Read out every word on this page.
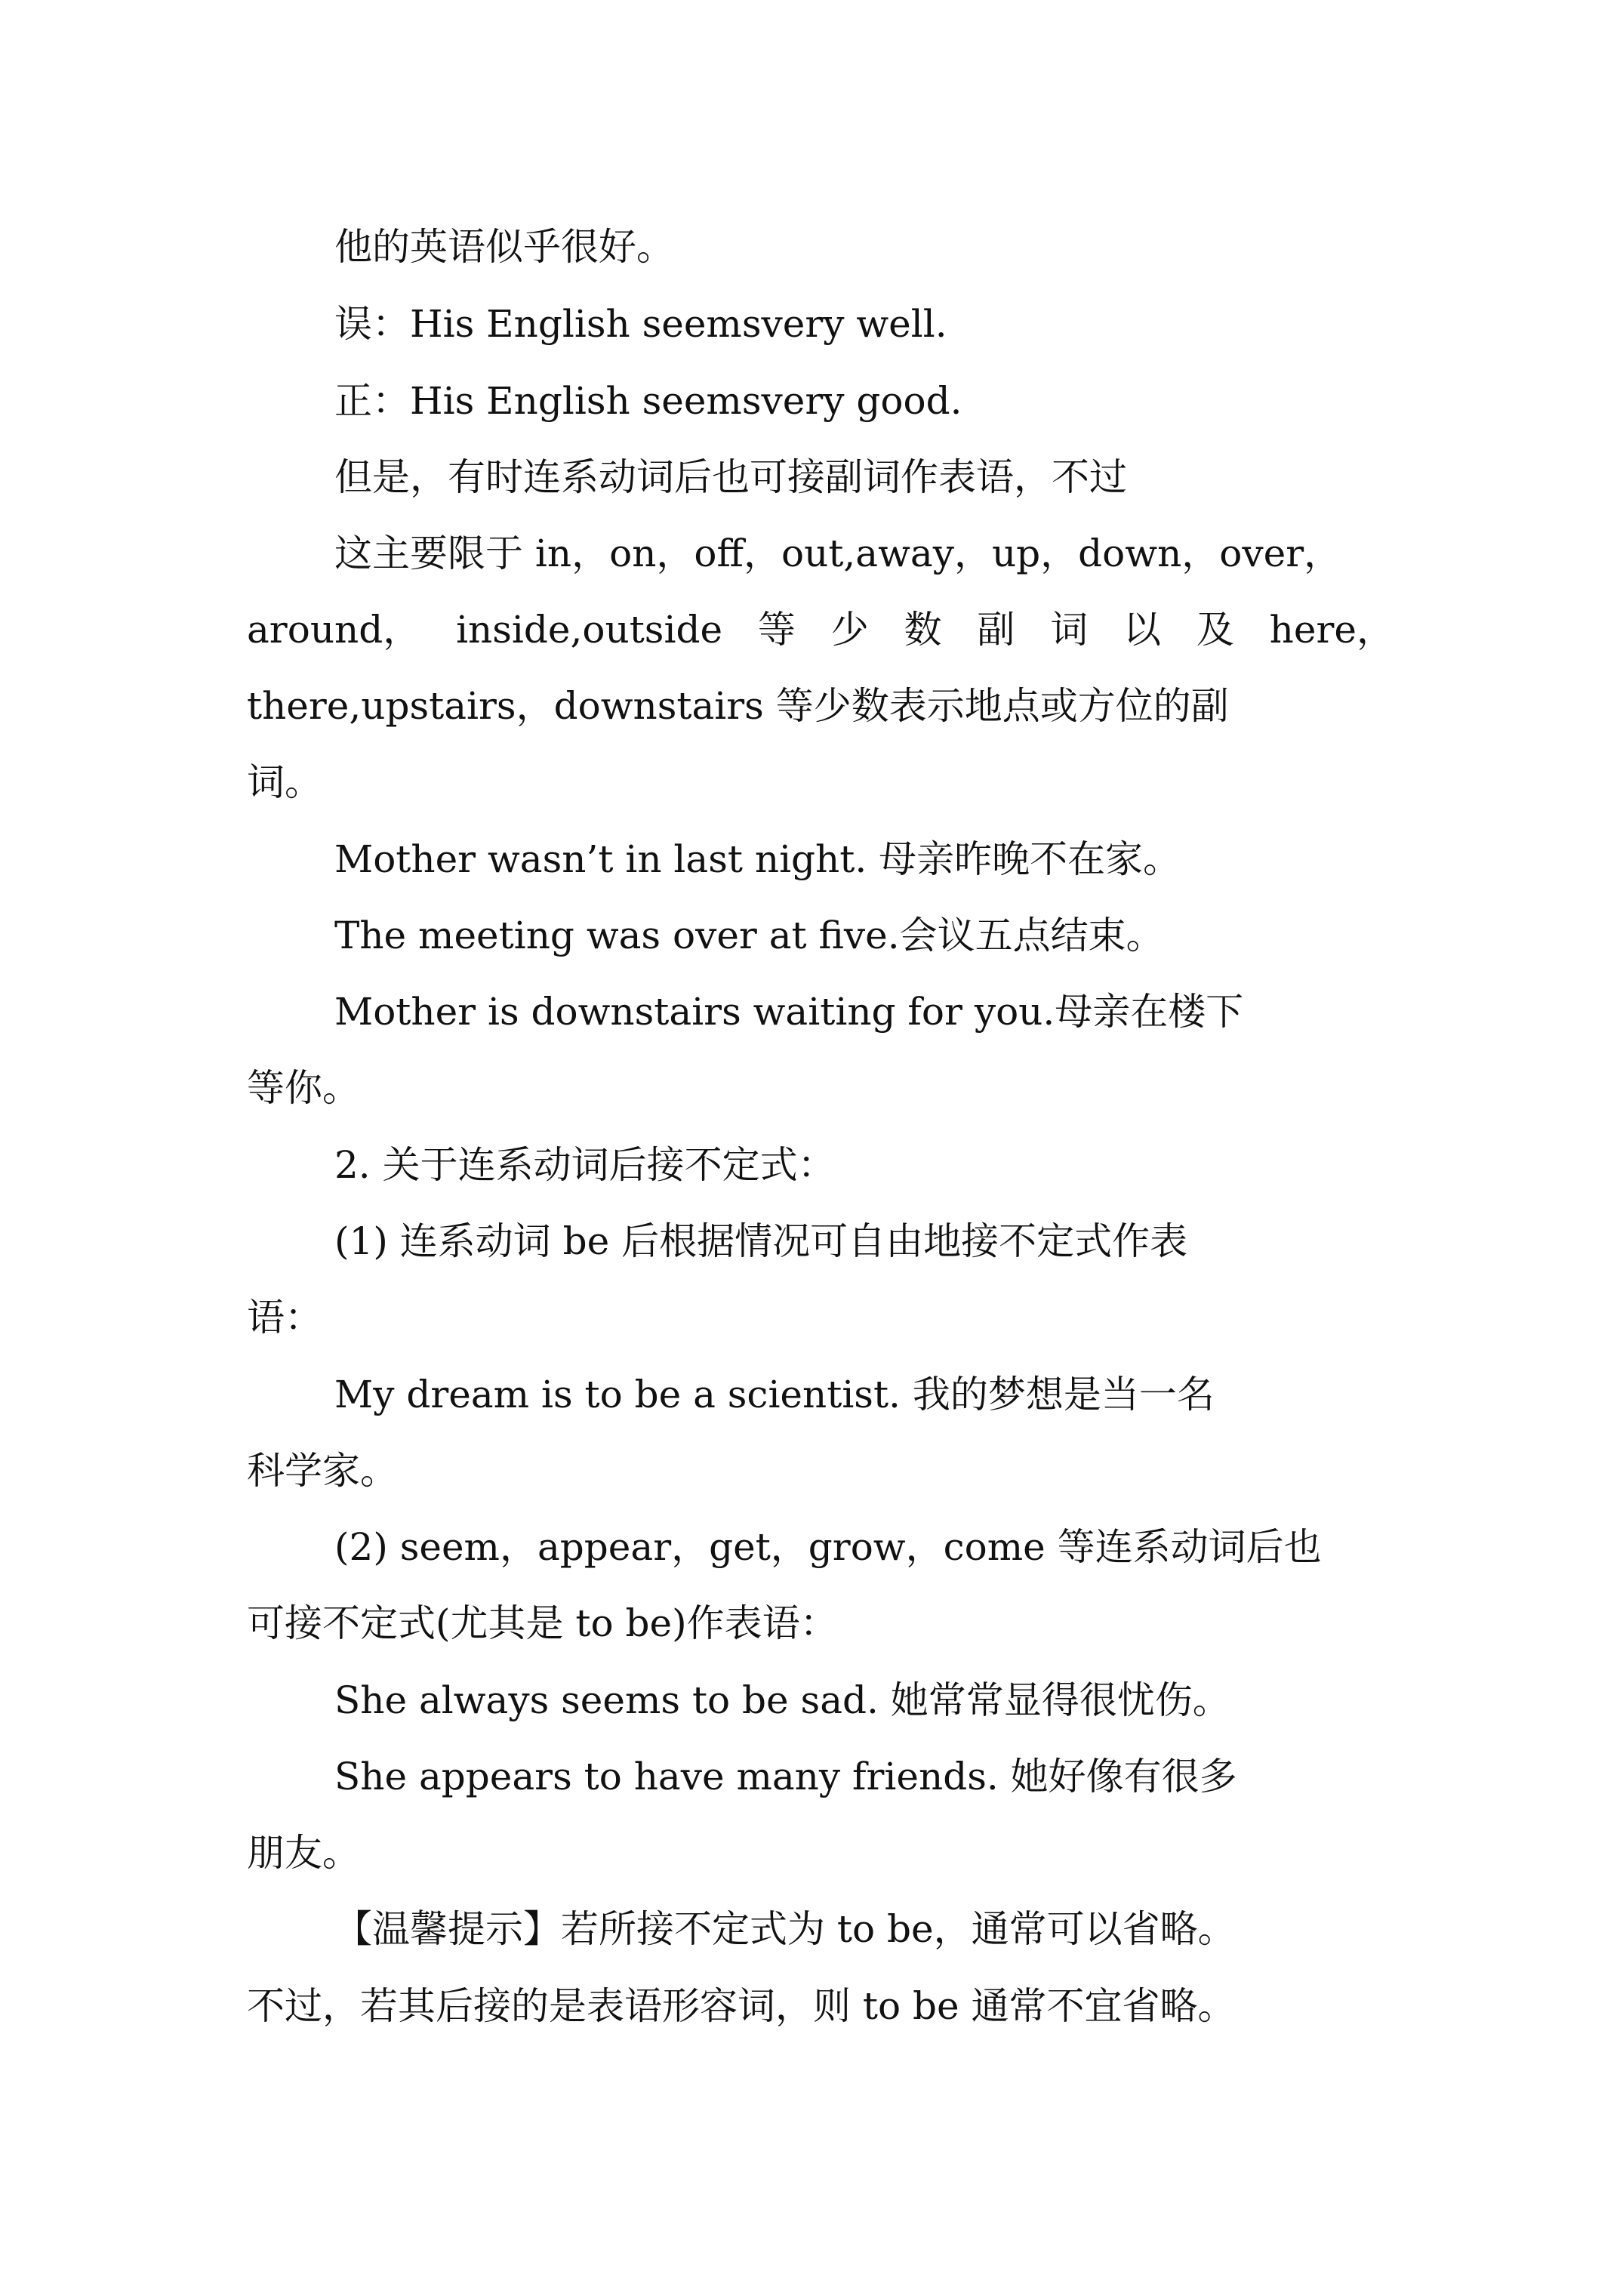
他的英语似乎很好。
误：His English seemsvery well.
正：His English seemsvery good.
但是，有时连系动词后也可接副词作表语，不过
这主要限于 in，on，off，out,away，up，down，over，
around， inside,outside 等 少 数 副 词 以 及 here，
there,upstairs，downstairs 等少数表示地点或方位的副
词。
Mother wasn’t in last night. 母亲昨晚不在家。
The meeting was over at five.会议五点结束。
Mother is downstairs waiting for you.母亲在楼下
等你。
2. 关于连系动词后接不定式：
(1) 连系动词 be 后根据情况可自由地接不定式作表
语：
My dream is to be a scientist. 我的梦想是当一名
科学家。
(2) seem，appear，get，grow，come 等连系动词后也
可接不定式(尤其是 to be)作表语：
She always seems to be sad. 她常常显得很忧伤。
She appears to have many friends. 她好像有很多
朋友。
【温馨提示】若所接不定式为 to be，通常可以省略。
不过，若其后接的是表语形容词，则 to be 通常不宜省略。
